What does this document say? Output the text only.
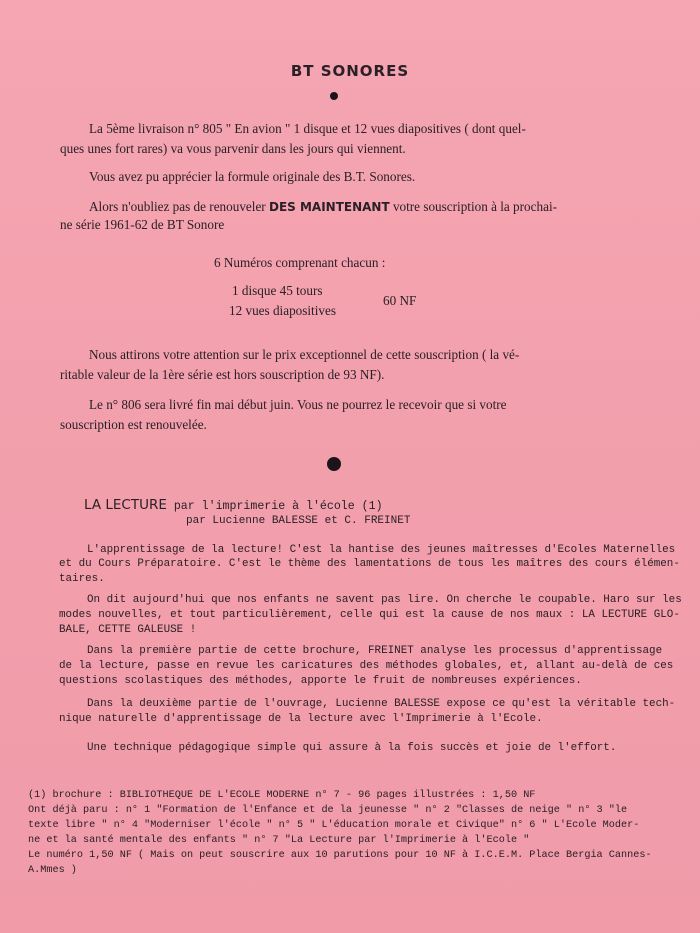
BT SONORES
La 5ème livraison n° 805 " En avion " 1 disque et 12 vues diapositives ( dont quel-
ques unes fort rares) va vous parvenir dans les jours qui viennent.
Vous avez pu apprécier la formule originale des B.T. Sonores.
Alors n'oubliez pas de renouveler DES MAINTENANT votre souscription à la prochai-
ne série 1961-62 de BT Sonore
6 Numéros comprenant chacun :
1 disque 45 tours
12 vues diapositives
60 NF
Nous attirons votre attention sur le prix exceptionnel de cette souscription ( la vé-
ritable valeur de la 1ère série est hors souscription de 93 NF).
Le n° 806 sera livré fin mai début juin. Vous ne pourrez le recevoir que si votre
souscription est renouvelée.
LA LECTURE par l'imprimerie à l'école (1)
par Lucienne BALESSE et C. FREINET
L'apprentissage de la lecture! C'est la hantise des jeunes maîtresses d'Ecoles Maternelles
et du Cours Préparatoire. C'est le thème des lamentations de tous les maîtres des cours élémen-
taires.
On dit aujourd'hui que nos enfants ne savent pas lire. On cherche le coupable. Haro sur les
modes nouvelles, et tout particulièrement, celle qui est la cause de nos maux : LA LECTURE GLO-
BALE, CETTE GALEUSE !
Dans la première partie de cette brochure, FREINET analyse les processus d'apprentissage
de la lecture, passe en revue les caricatures des méthodes globales, et, allant au-delà de ces
questions scolastiques des méthodes, apporte le fruit de nombreuses expériences.
Dans la deuxième partie de l'ouvrage, Lucienne BALESSE expose ce qu'est la véritable tech-
nique naturelle d'apprentissage de la lecture avec l'Imprimerie à l'Ecole.
Une technique pédagogique simple qui assure à la fois succès et joie de l'effort.
(1) brochure : BIBLIOTHEQUE DE L'ECOLE MODERNE n° 7 - 96 pages illustrées : 1,50 NF
Ont déjà paru : n° 1 "Formation de l'Enfance et de la jeunesse " n° 2 "Classes de neige " n° 3 "le
texte libre " n° 4 "Moderniser l'école " n° 5 " L'éducation morale et Civique" n° 6 " L'Ecole Moder-
ne et la santé mentale des enfants " n° 7 "La Lecture par l'Imprimerie à l'Ecole "
Le numéro 1,50 NF ( Mais on peut souscrire aux 10 parutions pour 10 NF à I.C.E.M. Place Bergia Cannes-
A.Mmes )
